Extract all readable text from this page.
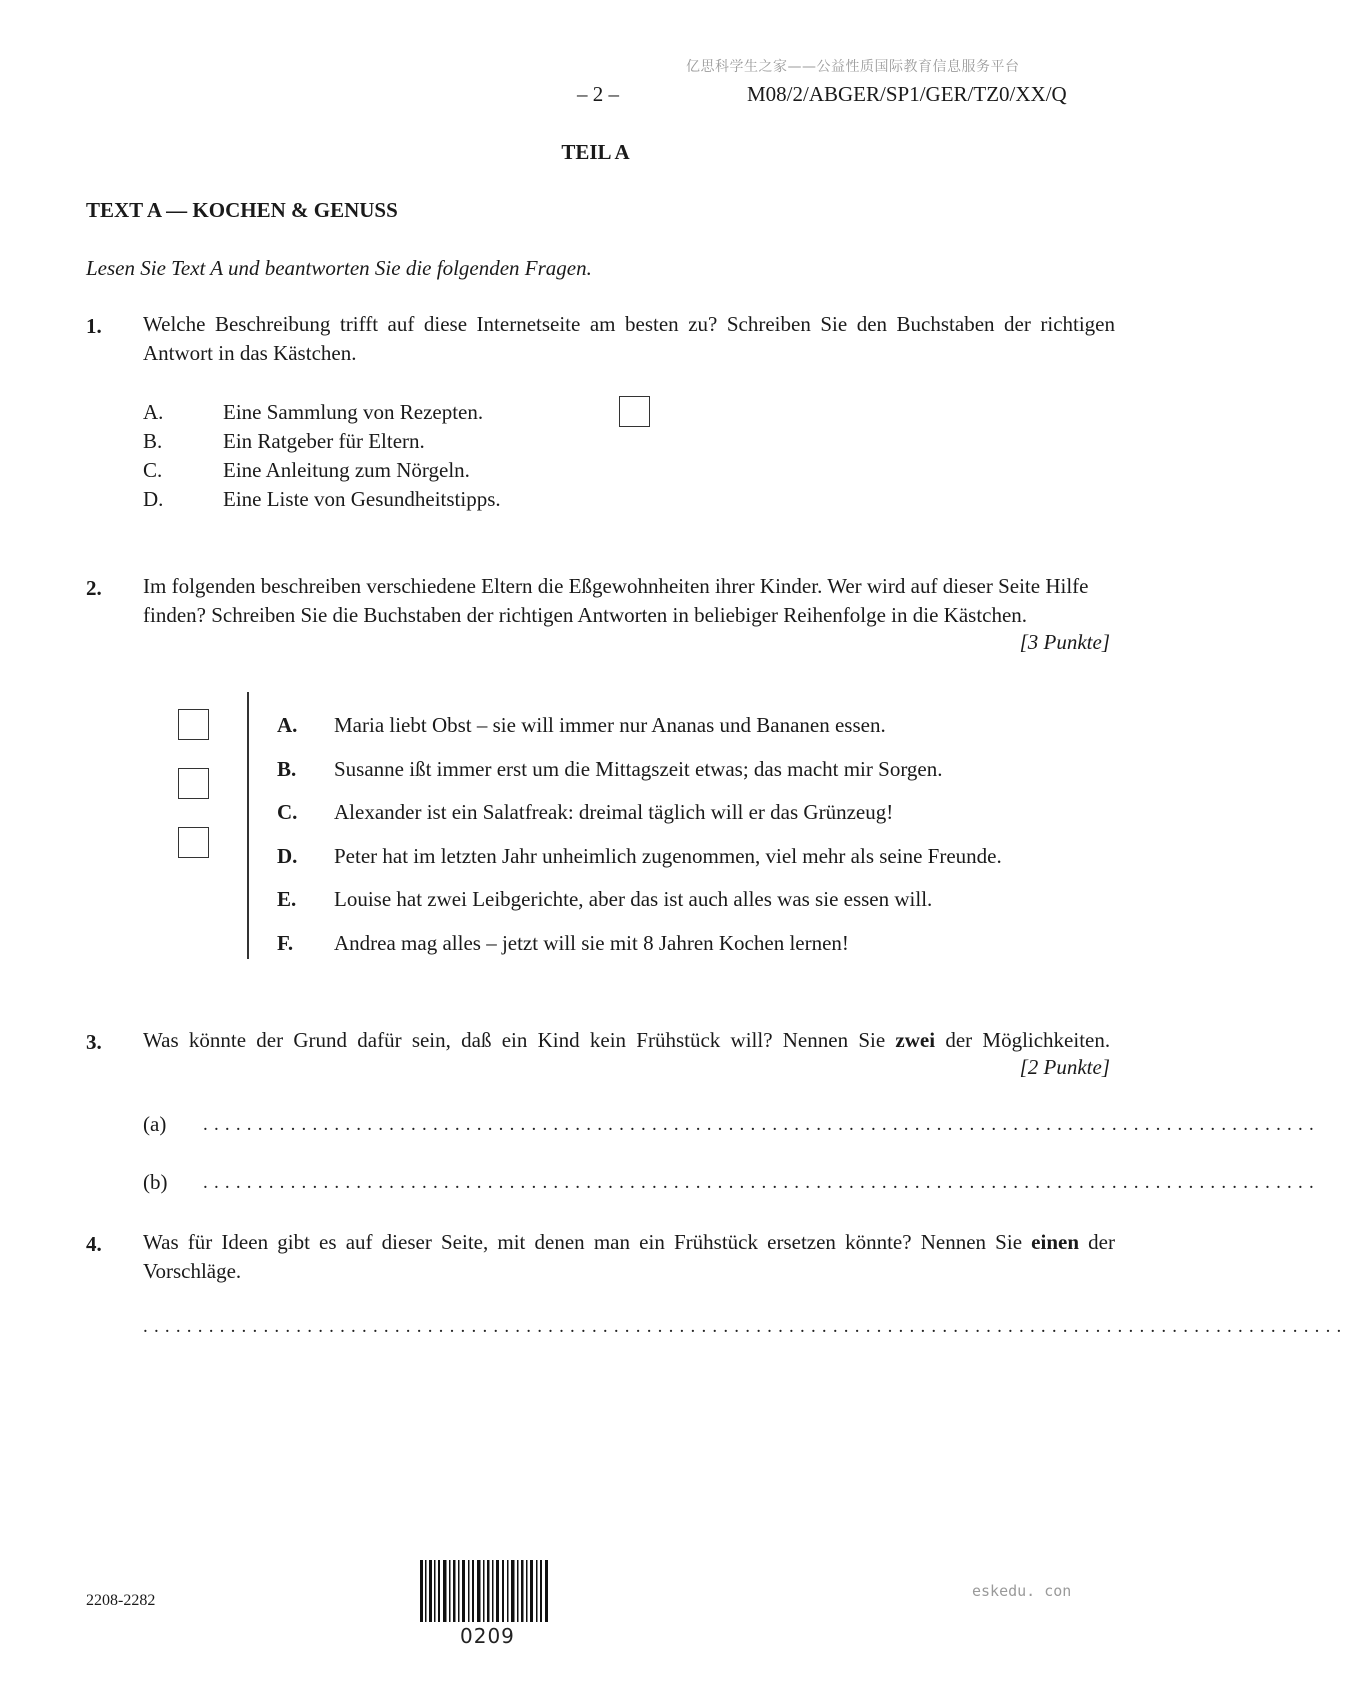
亿思科学生之家——公益性质国际教育信息服务平台
– 2 –	M08/2/ABGER/SP1/GER/TZ0/XX/Q
TEIL A
TEXT A — KOCHEN & GENUSS
Lesen Sie Text A und beantworten Sie die folgenden Fragen.
1. Welche Beschreibung trifft auf diese Internetseite am besten zu? Schreiben Sie den Buchstaben der richtigen Antwort in das Kästchen.
A.	Eine Sammlung von Rezepten.
B.	Ein Ratgeber für Eltern.
C.	Eine Anleitung zum Nörgeln.
D.	Eine Liste von Gesundheitstipps.
2. Im folgenden beschreiben verschiedene Eltern die Eßgewohnheiten ihrer Kinder. Wer wird auf dieser Seite Hilfe finden? Schreiben Sie die Buchstaben der richtigen Antworten in beliebiger Reihenfolge in die Kästchen.
[3 Punkte]
A.	Maria liebt Obst – sie will immer nur Ananas und Bananen essen.
B.	Susanne ißt immer erst um die Mittagszeit etwas; das macht mir Sorgen.
C.	Alexander ist ein Salatfreak: dreimal täglich will er das Grünzeug!
D.	Peter hat im letzten Jahr unheimlich zugenommen, viel mehr als seine Freunde.
E.	Louise hat zwei Leibgerichte, aber das ist auch alles was sie essen will.
F.	Andrea mag alles – jetzt will sie mit 8 Jahren Kochen lernen!
3. Was könnte der Grund dafür sein, daß ein Kind kein Frühstück will? Nennen Sie zwei der Möglichkeiten.
[2 Punkte]
(a) ......................................................................................................
(b) ......................................................................................................
4. Was für Ideen gibt es auf dieser Seite, mit denen man ein Frühstück ersetzen könnte? Nennen Sie einen der Vorschläge.
..............................................................................................................
2208-2282
0209
eskedu. con
